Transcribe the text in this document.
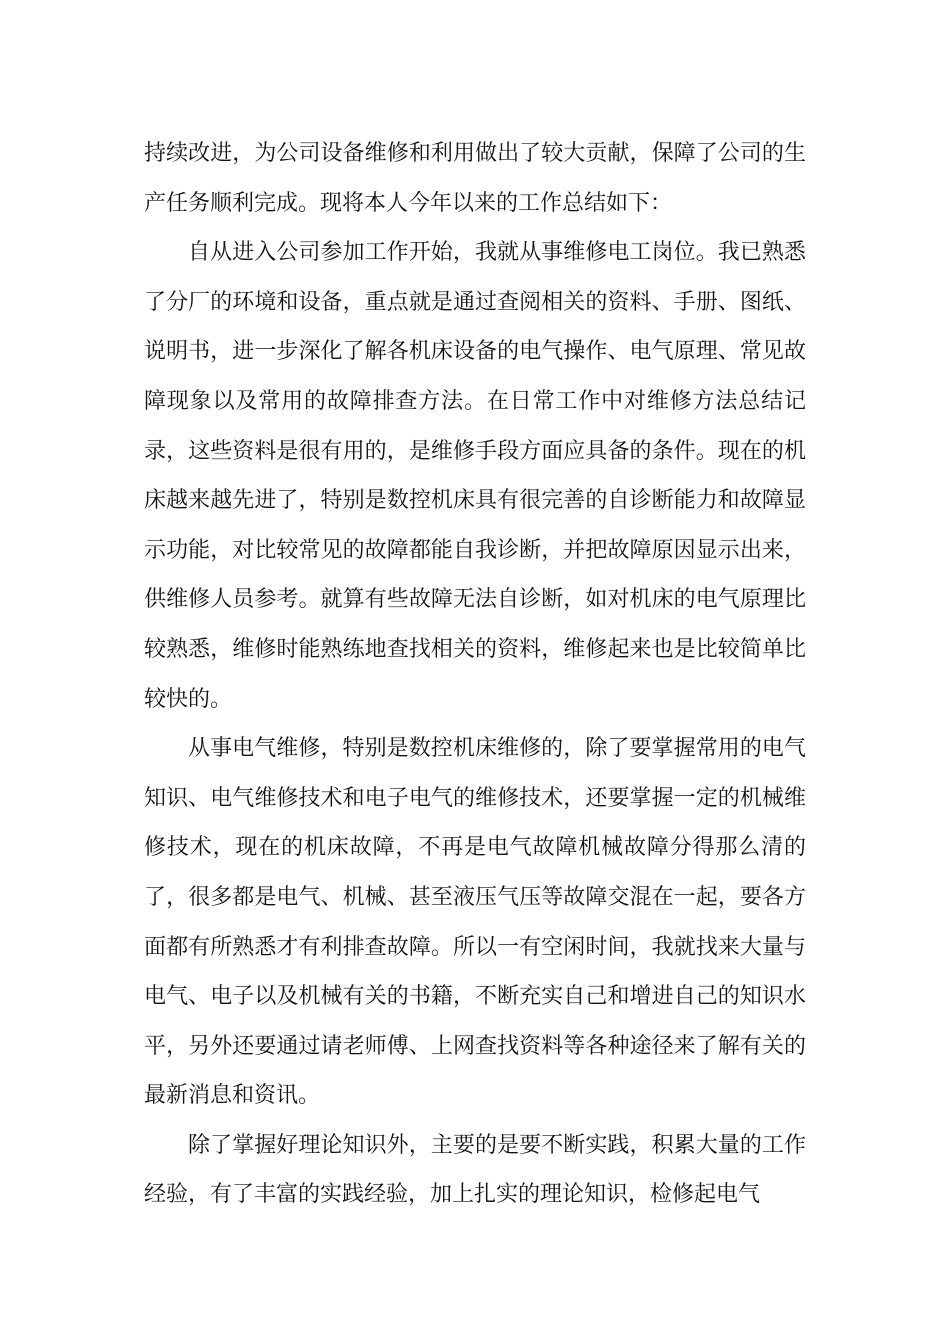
持续改进，为公司设备维修和利用做出了较大贡献，保障了公司的生产任务顺利完成。现将本人今年以来的工作总结如下：

自从进入公司参加工作开始，我就从事维修电工岗位。我已熟悉了分厂的环境和设备，重点就是通过查阅相关的资料、手册、图纸、说明书，进一步深化了解各机床设备的电气操作、电气原理、常见故障现象以及常用的故障排查方法。在日常工作中对维修方法总结记录，这些资料是很有用的，是维修手段方面应具备的条件。现在的机床越来越先进了，特别是数控机床具有很完善的自诊断能力和故障显示功能，对比较常见的故障都能自我诊断，并把故障原因显示出来，供维修人员参考。就算有些故障无法自诊断，如对机床的电气原理比较熟悉，维修时能熟练地查找相关的资料，维修起来也是比较简单比较快的。

从事电气维修，特别是数控机床维修的，除了要掌握常用的电气知识、电气维修技术和电子电气的维修技术，还要掌握一定的机械维修技术，现在的机床故障，不再是电气故障机械故障分得那么清的了，很多都是电气、机械、甚至液压气压等故障交混在一起，要各方面都有所熟悉才有利排查故障。所以一有空闲时间，我就找来大量与电气、电子以及机械有关的书籍，不断充实自己和增进自己的知识水平，另外还要通过请老师傅、上网查找资料等各种途径来了解有关的最新消息和资讯。

除了掌握好理论知识外，主要的是要不断实践，积累大量的工作经验，有了丰富的实践经验，加上扎实的理论知识，检修起电气
